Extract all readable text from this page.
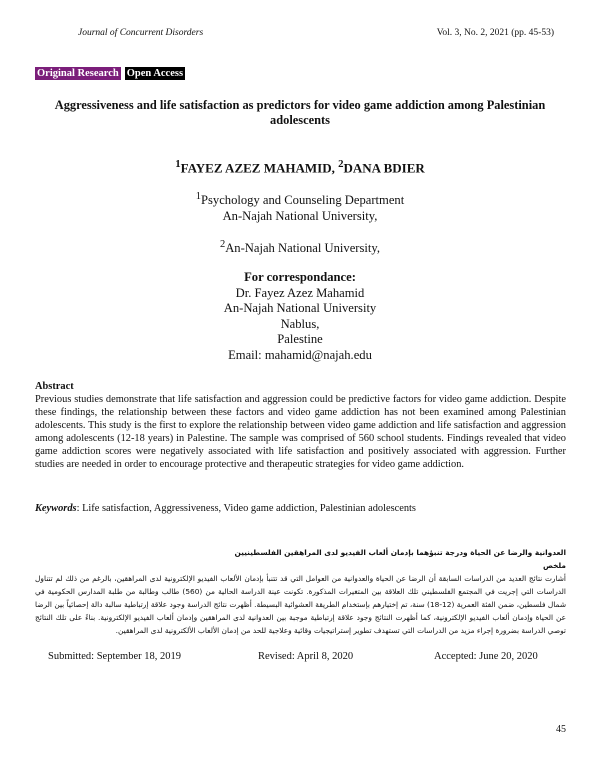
Journal of Concurrent Disorders	Vol. 3, No. 2, 2021 (pp. 45-53)
Original Research Open Access
Aggressiveness and life satisfaction as predictors for video game addiction among Palestinian adolescents
$^1$FAYEZ AZEZ MAHAMID, $^2$DANA BDIER
$^1$Psychology and Counseling Department
An-Najah National University,
$^2$An-Najah National University,
For correspondance:
Dr. Fayez Azez Mahamid
An-Najah National University
Nablus,
Palestine
Email: mahamid@najah.edu
Abstract
Previous studies demonstrate that life satisfaction and aggression could be predictive factors for video game addiction. Despite these findings, the relationship between these factors and video game addiction has not been examined among Palestinian adolescents. This study is the first to explore the relationship between video game addiction and life satisfaction and aggression among adolescents (12-18 years) in Palestine. The sample was comprised of 560 school students. Findings revealed that video game addiction scores were negatively associated with life satisfaction and positively associated with aggression. Further studies are needed in order to encourage protective and therapeutic strategies for video game addiction.
Keywords: Life satisfaction, Aggressiveness, Video game addiction, Palestinian adolescents
العدوانية والرضا عن الحياة ودرجة تنبؤهما بإدمان ألعاب الفيديو لدى المراهقين الفلسطينيين
ملخص
أشارت نتائج العديد من الدراسات السابقة أن الرضا عن الحياة والعدوانية من العوامل التي قد تتنبأ بإدمان الألعاب الفيديو الإلكترونية لدى المراهقين، بالرغم من ذلك لم تتناول الدراسات التي إجريت في المجتمع الفلسطيني تلك العلاقة بين المتغيرات المذكورة. تكونت عينة الدراسة الحالية من (560) طالب وطالبة من طلبة المدارس الحكومية في شمال فلسطين، ضمن الفئة العمرية (12-18) سنة، تم إختيارهم بإستخدام الطريقة العشوائية البسيطة. أظهرت نتائج الدراسة وجود علاقة إرتباطية سالبة دالة إحصائياً بين الرضا عن الحياة وإدمان ألعاب الفيديو الإلكترونية، كما أظهرت النتائج وجود علاقة إرتباطية موجبة بين العدوانية لدى المراهقين وإدمان ألعاب الفيديو الإلكترونية. بناءً على تلك النتائج توصي الدراسة بضرورة إجراء مزيد من الدراسات التي تستهدف تطوير إستراتيجيات وقائية وعلاجية للحد من إدمان الألعاب الألكترونية لدى المراهقين.
Submitted: September 18, 2019	Revised: April 8, 2020	Accepted: June 20, 2020
45
